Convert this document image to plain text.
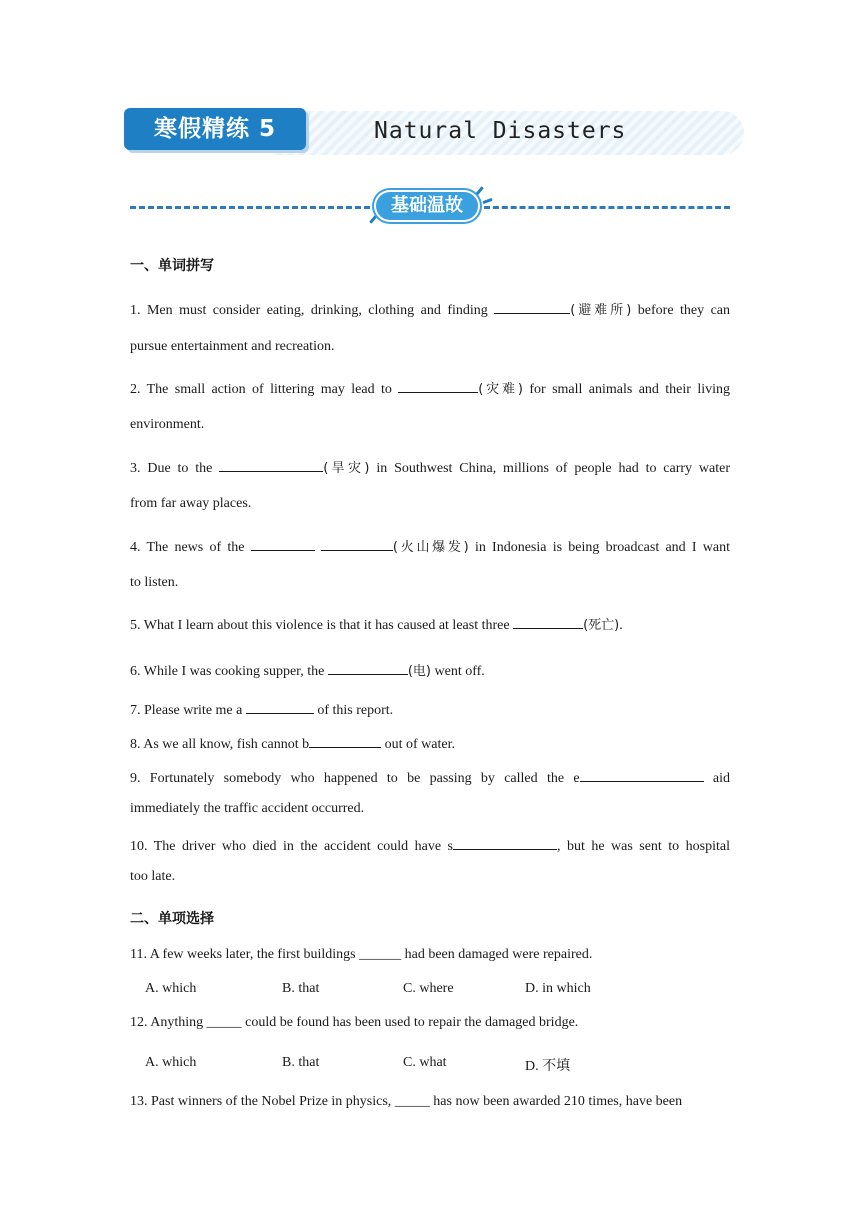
寒假精练 5	Natural Disasters
基础温故
一、单词拼写
1. Men must consider eating, drinking, clothing and finding	(避难所) before they can
pursue entertainment and recreation.
2. The small action of littering may lead to	(灾难) for small animals and their living
environment.
3. Due to the	(旱灾) in Southwest China, millions of people had to carry water
from far away places.
4. The news of the	(火山爆发) in Indonesia is being broadcast and I want
to listen.
5. What I learn about this violence is that it has caused at least three	(死亡).
6. While I was cooking supper, the	(电) went off.
7. Please write me a	of this report.
8. As we all know, fish cannot b	out of water.
9. Fortunately somebody who happened to be passing by called the e	aid
immediately the traffic accident occurred.
10. The driver who died in the accident could have s	, but he was sent to hospital
too late.
二、单项选择
11. A few weeks later, the first buildings ______ had been damaged were repaired.
A. which	B. that	C. where	D. in which
12. Anything _____ could be found has been used to repair the damaged bridge.
A. which	B. that	C. what	D. 不填
13. Past winners of the Nobel Prize in physics, _____ has now been awarded 210 times, have been
